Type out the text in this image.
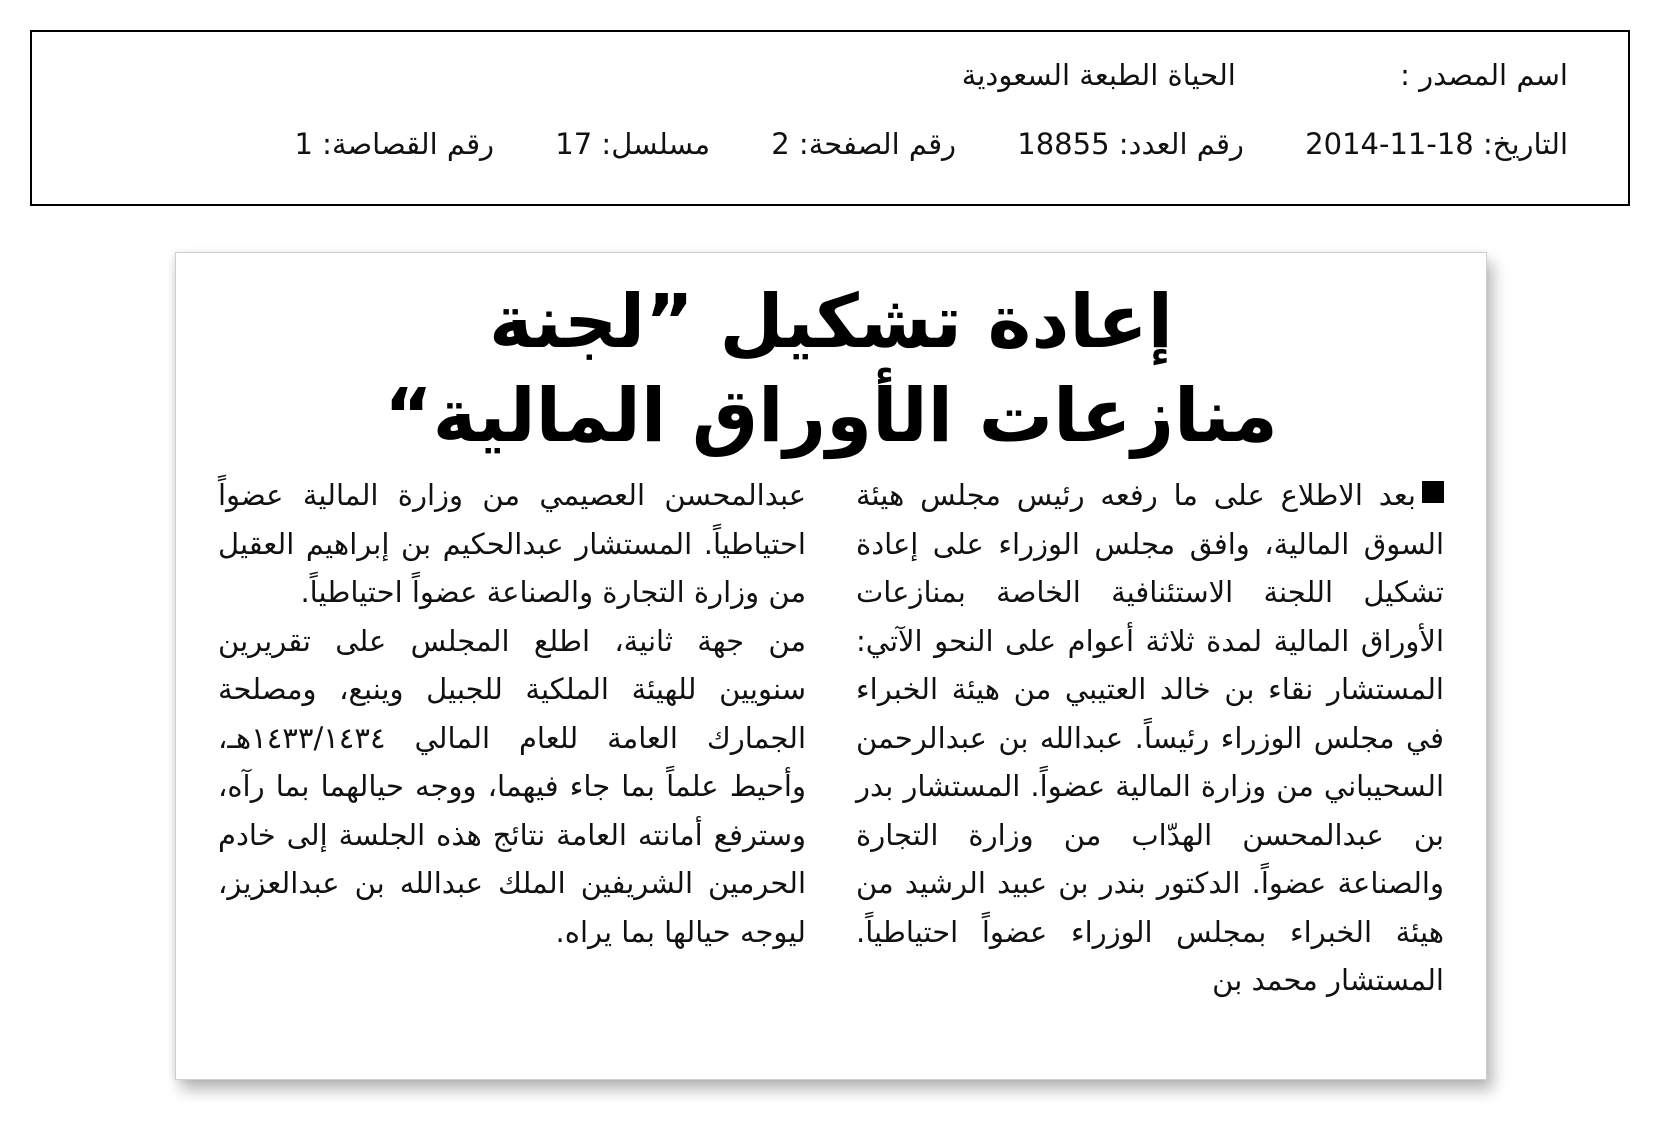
اسم المصدر : الحياة الطبعة السعودية
التاريخ: 18-11-2014 رقم العدد: 18855 رقم الصفحة: 2 مسلسل: 17 رقم القصاصة: 1
إعادة تشكيل ”لجنة
منازعات الأوراق المالية“

بعد الاطلاع على ما رفعه رئيس مجلس هيئة السوق المالية، وافق مجلس الوزراء على إعادة تشكيل اللجنة الاستئنافية الخاصة بمنازعات الأوراق المالية لمدة ثلاثة أعوام على النحو الآتي: المستشار نقاء بن خالد العتيبي من هيئة الخبراء في مجلس الوزراء رئيساً. عبدالله بن عبدالرحمن السحيباني من وزارة المالية عضواً. المستشار بدر بن عبدالمحسن الهدّاب من وزارة التجارة والصناعة عضواً. الدكتور بندر بن عبيد الرشيد من هيئة الخبراء بمجلس الوزراء عضواً احتياطياً. المستشار محمد بن

عبدالمحسن العصيمي من وزارة المالية عضواً احتياطياً. المستشار عبدالحكيم بن إبراهيم العقيل من وزارة التجارة والصناعة عضواً احتياطياً.

من جهة ثانية، اطلع المجلس على تقريرين سنويين للهيئة الملكية للجبيل وينبع، ومصلحة الجمارك العامة للعام المالي ١٤٣٣/١٤٣٤هـ، وأحيط علماً بما جاء فيهما، ووجه حيالهما بما رآه، وسترفع أمانته العامة نتائج هذه الجلسة إلى خادم الحرمين الشريفين الملك عبدالله بن عبدالعزيز، ليوجه حيالها بما يراه.
